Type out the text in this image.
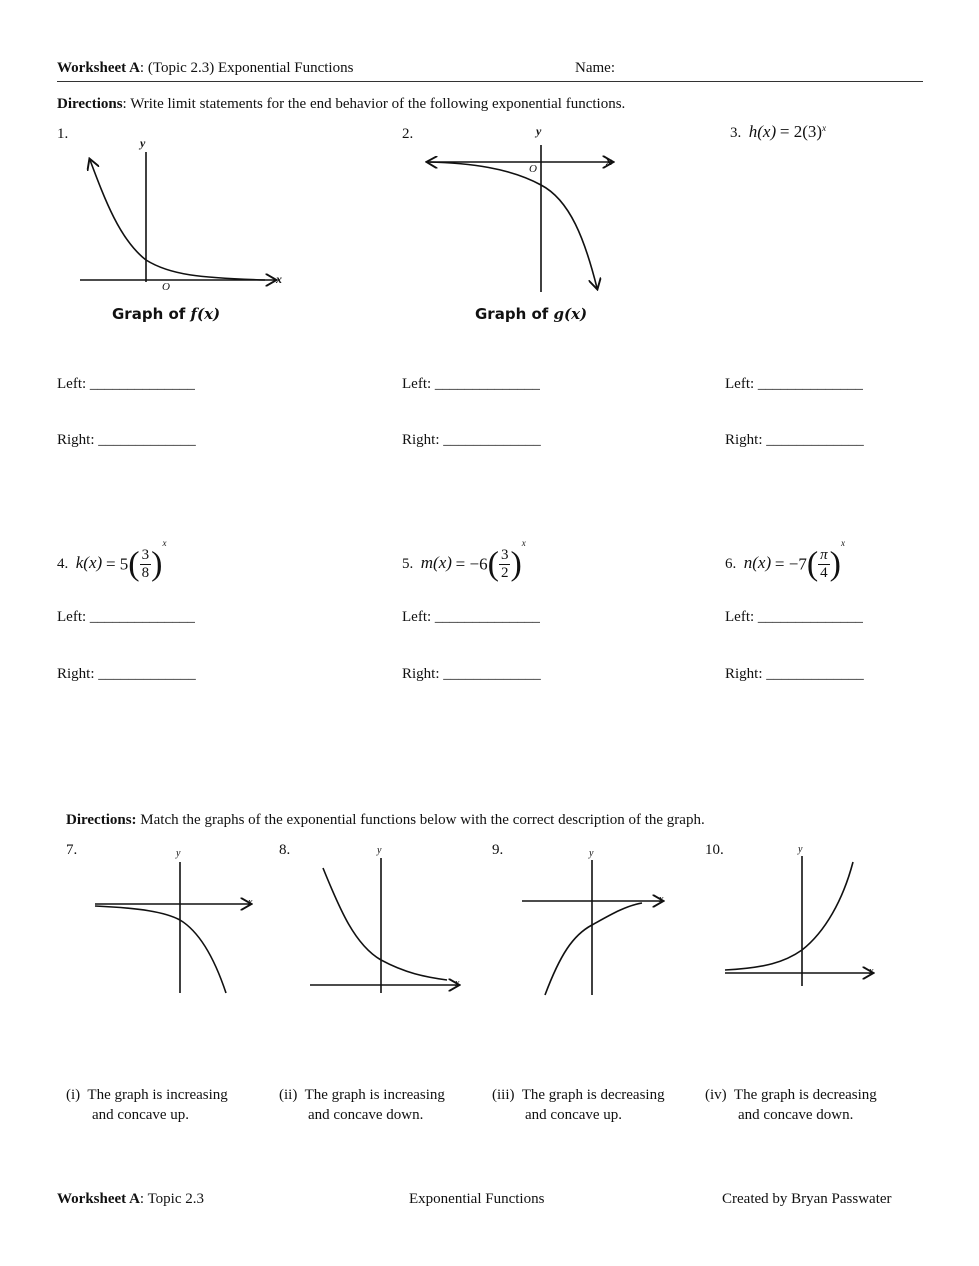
Worksheet A: (Topic 2.3) Exponential Functions	Name:
Directions: Write limit statements for the end behavior of the following exponential functions.
1.	2.	3. $h(x) = 2(3)^x$
Graph of f(x)	Graph of g(x)
Left: ______________
Right: _____________
Left: ______________
Right: _____________
Left: ______________
Right: _____________
4. $k(x) = 5( \frac{3}{8} )^x$
5. $m(x) = -6( \frac{3}{2} )^x$
6. $n(x) = -7( \frac{\pi}{4} )^x$
Left: ______________
Right: _____________
Left: ______________
Right: _____________
Left: ______________
Right: _____________
Directions: Match the graphs of the exponential functions below with the correct description of the graph.
7.	8.	9.	10.
(i) The graph is increasing
and concave up.
(ii) The graph is increasing
and concave down.
(iii) The graph is decreasing
and concave up.
(iv) The graph is decreasing
and concave down.
Worksheet A: Topic 2.3	Exponential Functions	Created by Bryan Passwater
y
x
O
y
x
O
y
x
y
x
y
x
y
x
